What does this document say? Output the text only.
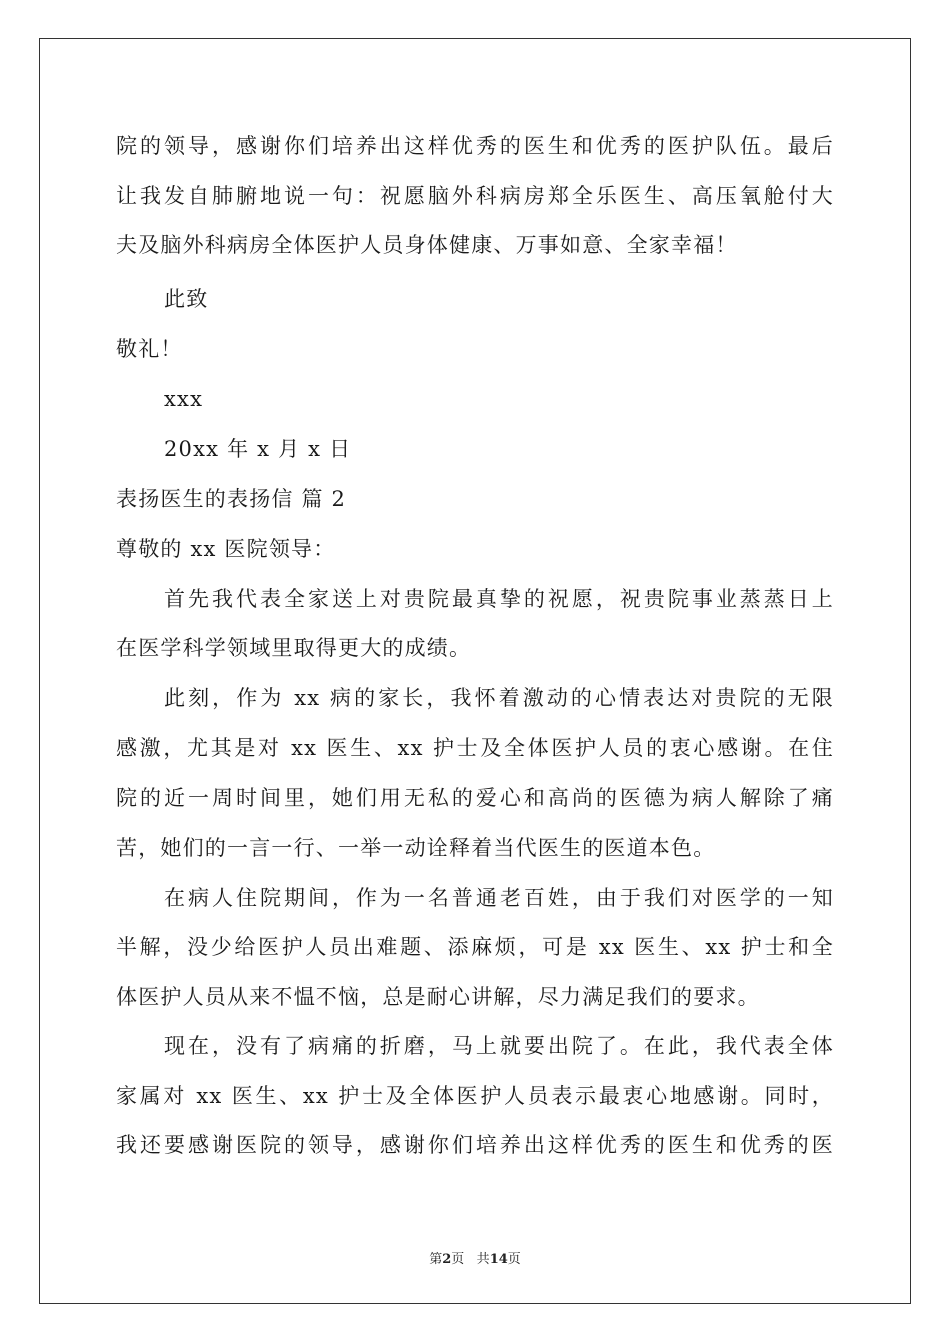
院的领导，感谢你们培养出这样优秀的医生和优秀的医护队伍。最后
让我发自肺腑地说一句：祝愿脑外科病房郑全乐医生、高压氧舱付大
夫及脑外科病房全体医护人员身体健康、万事如意、全家幸福！
此致
敬礼！
xxx
20xx 年 x 月 x 日
表扬医生的表扬信 篇 2
尊敬的 xx 医院领导：
首先我代表全家送上对贵院最真挚的祝愿，祝贵院事业蒸蒸日上
在医学科学领域里取得更大的成绩。
此刻，作为 xx 病的家长，我怀着激动的心情表达对贵院的无限
感激，尤其是对 xx 医生、xx 护士及全体医护人员的衷心感谢。在住
院的近一周时间里，她们用无私的爱心和高尚的医德为病人解除了痛
苦，她们的一言一行、一举一动诠释着当代医生的医道本色。
在病人住院期间，作为一名普通老百姓，由于我们对医学的一知
半解，没少给医护人员出难题、添麻烦，可是 xx 医生、xx 护士和全
体医护人员从来不愠不恼，总是耐心讲解，尽力满足我们的要求。
现在，没有了病痛的折磨，马上就要出院了。在此，我代表全体
家属对 xx 医生、xx 护士及全体医护人员表示最衷心地感谢。同时，
我还要感谢医院的领导，感谢你们培养出这样优秀的医生和优秀的医
第2页 共14页
